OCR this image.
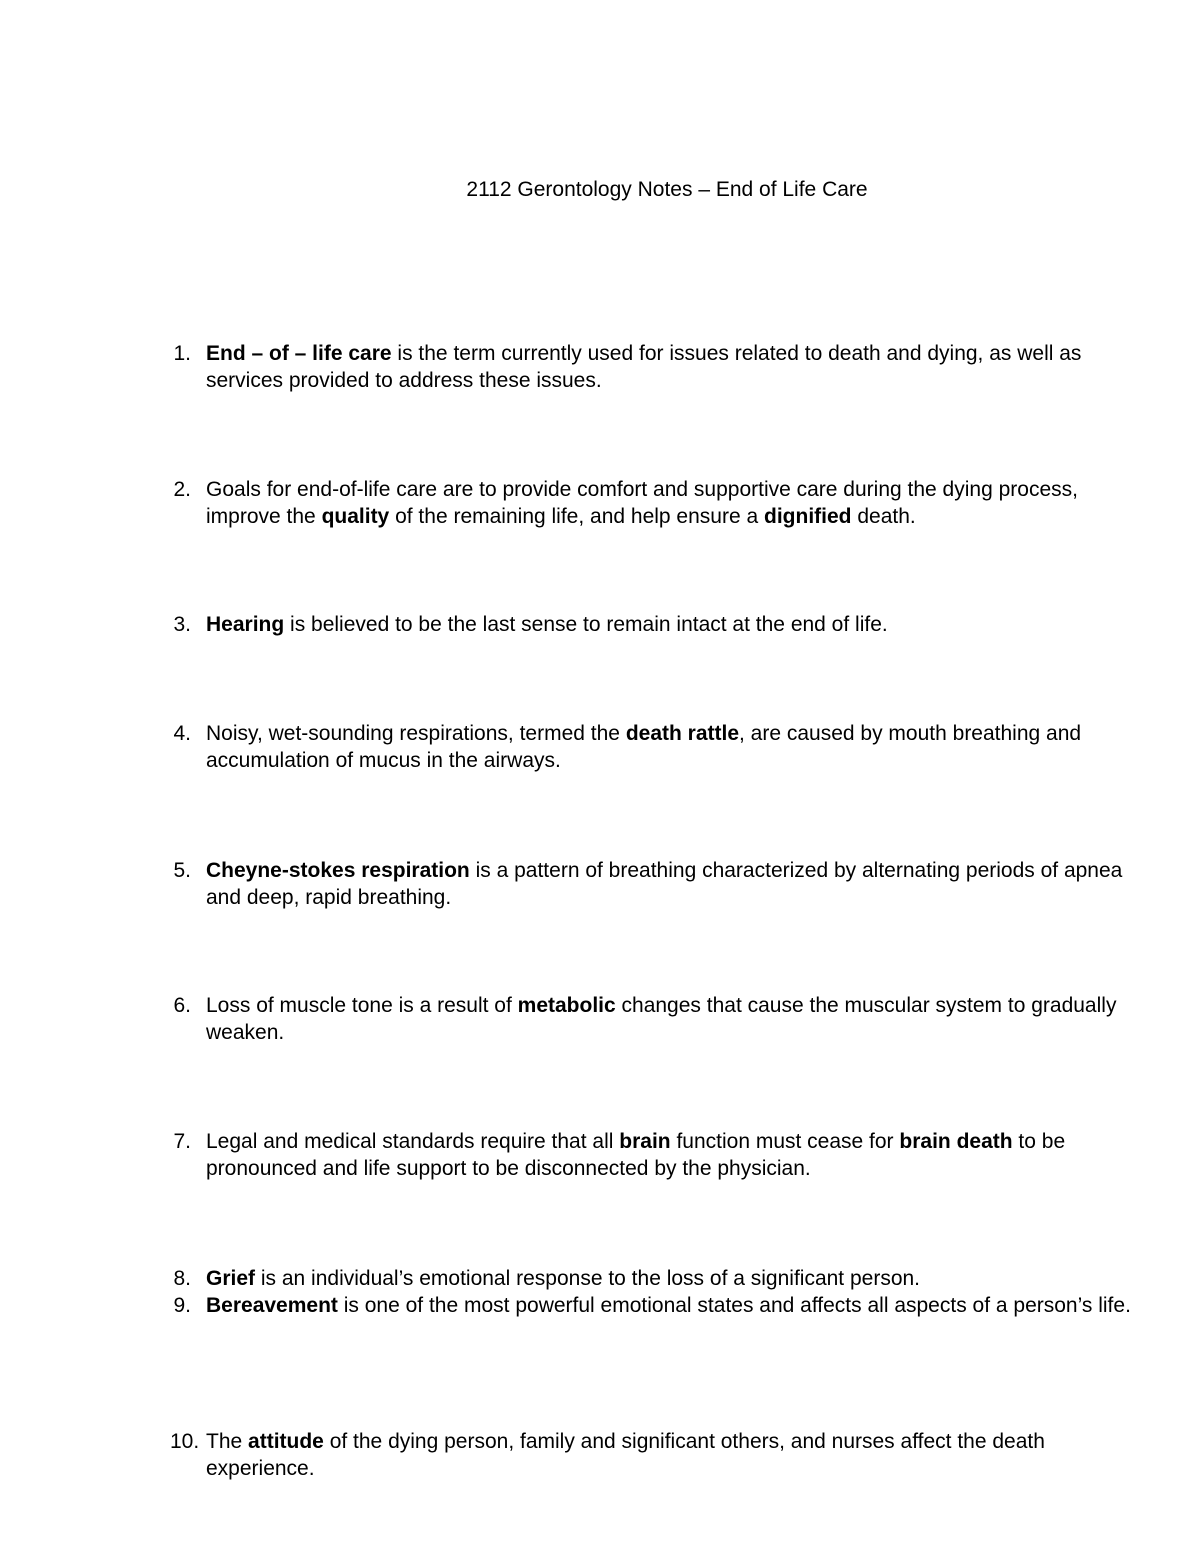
2112 Gerontology Notes – End of Life Care
1. End – of – life care is the term currently used for issues related to death and dying, as well as services provided to address these issues.
2. Goals for end-of-life care are to provide comfort and supportive care during the dying process, improve the quality of the remaining life, and help ensure a dignified death.
3. Hearing is believed to be the last sense to remain intact at the end of life.
4. Noisy, wet-sounding respirations, termed the death rattle, are caused by mouth breathing and accumulation of mucus in the airways.
5. Cheyne-stokes respiration is a pattern of breathing characterized by alternating periods of apnea and deep, rapid breathing.
6. Loss of muscle tone is a result of metabolic changes that cause the muscular system to gradually weaken.
7. Legal and medical standards require that all brain function must cease for brain death to be pronounced and life support to be disconnected by the physician.
8. Grief is an individual’s emotional response to the loss of a significant person.
9. Bereavement is one of the most powerful emotional states and affects all aspects of a person’s life.
10. The attitude of the dying person, family and significant others, and nurses affect the death experience.
